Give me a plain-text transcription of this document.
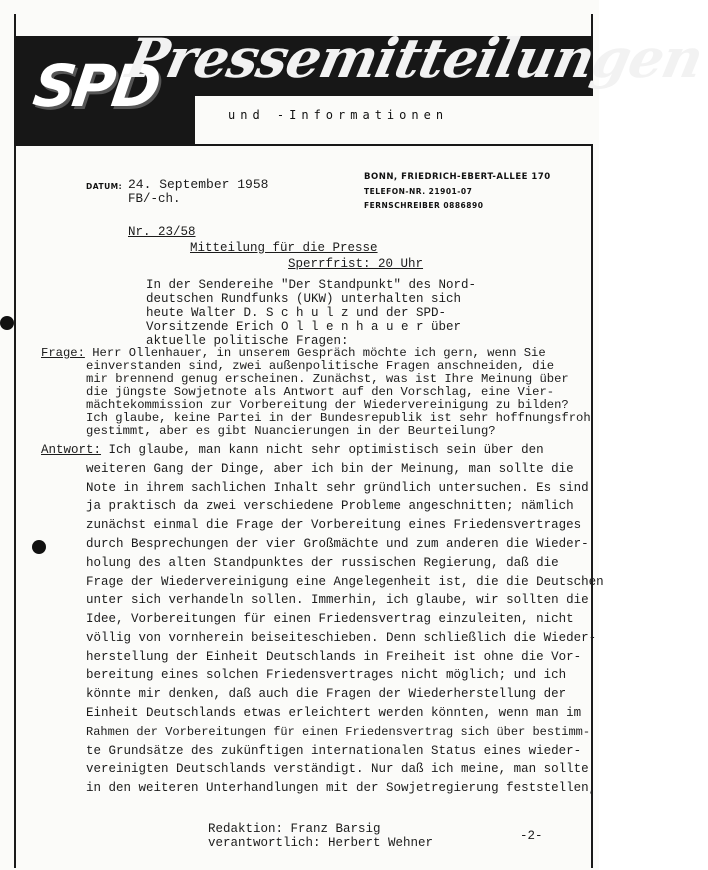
SPD
Pressemitteilungen
und -Informationen
DATUM: 24. September 1958
FB/-ch.
BONN, FRIEDRICH-EBERT-ALLEE 170
TELEFON-NR. 21901-07
FERNSCHREIBER 0886890
Nr. 23/58
Mitteilung für die Presse
Sperrfrist: 20 Uhr
In der Sendereihe "Der Standpunkt" des Nord-
deutschen Rundfunks (UKW) unterhalten sich
heute Walter D. S c h u l z und der SPD-
Vorsitzende Erich O l l e n h a u e r über
aktuelle politische Fragen:
Frage: Herr Ollenhauer, in unserem Gespräch möchte ich gern, wenn Sie
einverstanden sind, zwei außenpolitische Fragen anschneiden, die
mir brennend genug erscheinen. Zunächst, was ist Ihre Meinung über
die jüngste Sowjetnote als Antwort auf den Vorschlag, eine Vier-
mächtekommission zur Vorbereitung der Wiedervereinigung zu bilden?
Ich glaube, keine Partei in der Bundesrepublik ist sehr hoffnungsfroh
gestimmt, aber es gibt Nuancierungen in der Beurteilung?
Antwort: Ich glaube, man kann nicht sehr optimistisch sein über den
weiteren Gang der Dinge, aber ich bin der Meinung, man sollte die
Note in ihrem sachlichen Inhalt sehr gründlich untersuchen. Es sind
ja praktisch da zwei verschiedene Probleme angeschnitten; nämlich
zunächst einmal die Frage der Vorbereitung eines Friedensvertrages
durch Besprechungen der vier Großmächte und zum anderen die Wieder-
holung des alten Standpunktes der russischen Regierung, daß die
Frage der Wiedervereinigung eine Angelegenheit ist, die die Deutschen
unter sich verhandeln sollen. Immerhin, ich glaube, wir sollten die
Idee, Vorbereitungen für einen Friedensvertrag einzuleiten, nicht
völlig von vornherein beiseiteschieben. Denn schließlich die Wieder-
herstellung der Einheit Deutschlands in Freiheit ist ohne die Vor-
bereitung eines solchen Friedensvertrages nicht möglich; und ich
könnte mir denken, daß auch die Fragen der Wiederherstellung der
Einheit Deutschlands etwas erleichtert werden könnten, wenn man im
Rahmen der Vorbereitungen für einen Friedensvertrag sich über bestimm-
te Grundsätze des zukünftigen internationalen Status eines wieder-
vereinigten Deutschlands verständigt. Nur daß ich meine, man sollte
in den weiteren Unterhandlungen mit der Sowjetregierung feststellen,
Redaktion: Franz Barsig
verantwortlich: Herbert Wehner	-2-
